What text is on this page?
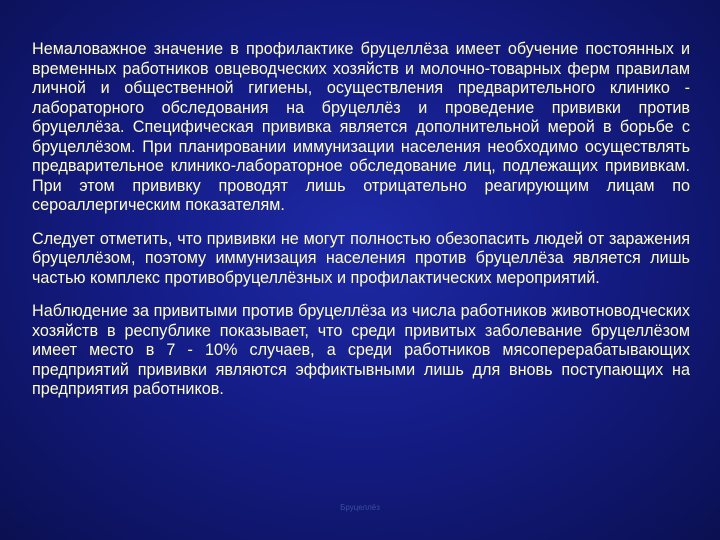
Немаловажное значение в профилактике бруцеллёза имеет обучение постоянных и временных работников овцеводческих хозяйств и молочно-товарных ферм правилам личной и общественной гигиены, осуществления предварительного клинико - лабораторного обследования на бруцеллёз и проведение прививки против бруцеллёза. Специфическая прививка является дополнительной мерой в борьбе с бруцеллёзом. При планировании иммунизации населения необходимо осуществлять предварительное клинико-лабораторное обследование лиц, подлежащих прививкам. При этом прививку проводят лишь отрицательно реагирующим лицам по сероаллергическим показателям.

Следует отметить, что прививки не могут полностью обезопасить людей от заражения бруцеллёзом, поэтому иммунизация населения против бруцеллёза является лишь частью комплекс противобруцеллёзных и профилактических мероприятий.

Наблюдение за привитыми против бруцеллёза из числа работников животноводческих хозяйств в республике показывает, что среди привитых заболевание бруцеллёзом имеет место в 7 - 10% случаев, а среди работников мясоперерабатывающих предприятий прививки являются эффиктывными лишь для вновь поступающих на предприятия работников.

Бруцеллёз
